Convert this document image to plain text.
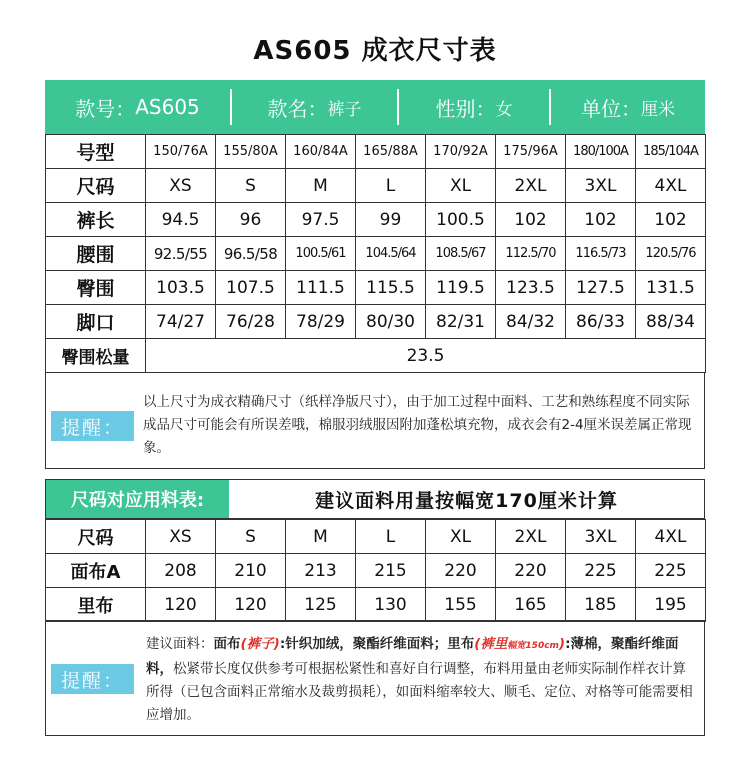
AS605 成衣尺寸表
款号： AS605	款名： 裤子	性别： 女	单位： 厘米
号型	150/76A	155/80A	160/84A	165/88A	170/92A	175/96A	180/100A	185/104A
尺码	XS	S	M	L	XL	2XL	3XL	4XL
裤长	94.5	96	97.5	99	100.5	102	102	102
腰围	92.5/55	96.5/58	100.5/61	104.5/64	108.5/67	112.5/70	116.5/73	120.5/76
臀围	103.5	107.5	111.5	115.5	119.5	123.5	127.5	131.5
脚口	74/27	76/28	78/29	80/30	82/31	84/32	86/33	88/34
臀围松量	23.5							
提醒：
以上尺寸为成衣精确尺寸（纸样净版尺寸），由于加工过程中面料、工艺和熟练程度不同实际成品尺寸可能会有所误差哦，棉服羽绒服因附加蓬松填充物，成衣会有2-4厘米误差属正常现象。
尺码对应用料表:	建议面料用量按幅宽170厘米计算
尺码	XS	S	M	L	XL	2XL	3XL	4XL
面布A	208	210	213	215	220	220	225	225
里布	120	120	125	130	155	165	185	195
提醒：
建议面料：面布(裤子):针织加绒，聚酯纤维面料；里布(裤里幅宽150cm):薄棉，聚酯纤维面料，松紧带长度仅供参考可根据松紧性和喜好自行调整，布料用量由老师实际制作样衣计算所得（已包含面料正常缩水及裁剪损耗），如面料缩率较大、顺毛、定位、对格等可能需要相应增加。
